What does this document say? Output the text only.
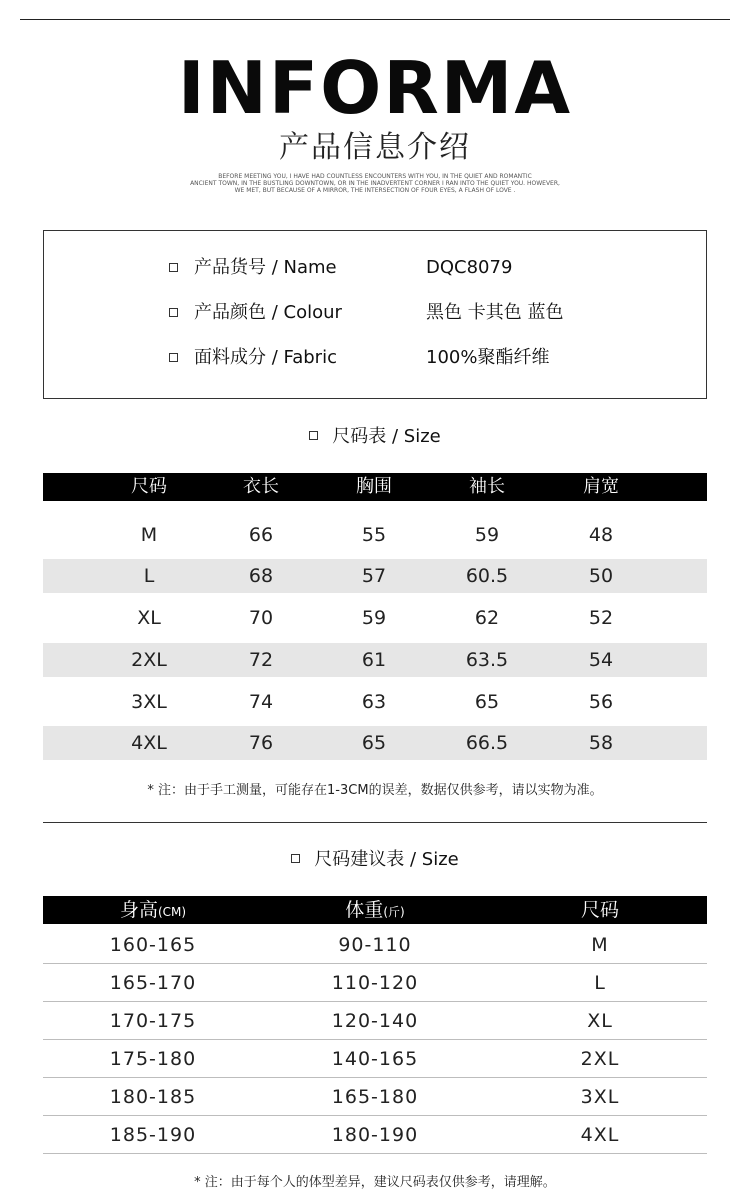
INFORMA
产品信息介绍
BEFORE MEETING YOU, I HAVE HAD COUNTLESS ENCOUNTERS WITH YOU, IN THE QUIET AND ROMANTIC
ANCIENT TOWN, IN THE BUSTLING DOWNTOWN, OR IN THE INADVERTENT CORNER I RAN INTO THE QUIET YOU. HOWEVER,
WE MET, BUT BECAUSE OF A MIRROR, THE INTERSECTION OF FOUR EYES, A FLASH OF LOVE .
产品货号 / Name	DQC8079
产品颜色 / Colour	黑色 卡其色 蓝色
面料成分 / Fabric	100%聚酯纤维
尺码表 / Size
尺码	衣长	胸围	袖长	肩宽
M	66	55	59	48
L	68	57	60.5	50
XL	70	59	62	52
2XL	72	61	63.5	54
3XL	74	63	65	56
4XL	76	65	66.5	58
* 注：由于手工测量，可能存在1-3CM的误差，数据仅供参考，请以实物为准。
尺码建议表 / Size
身高(CM)	体重(斤)	尺码
160-165	90-110	M
165-170	110-120	L
170-175	120-140	XL
175-180	140-165	2XL
180-185	165-180	3XL
185-190	180-190	4XL
* 注：由于每个人的体型差异，建议尺码表仅供参考，请理解。
